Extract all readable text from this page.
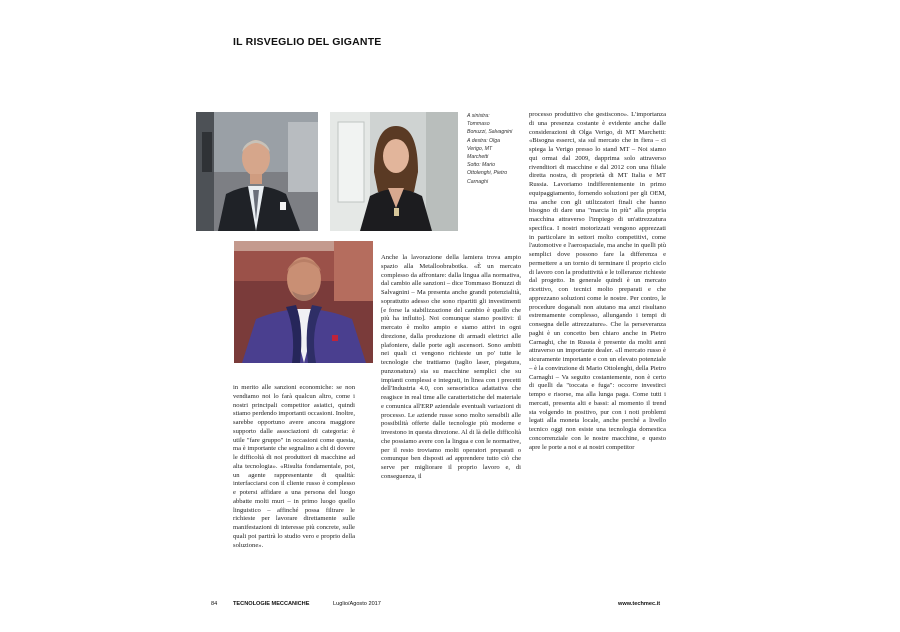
IL RISVEGLIO DEL GIGANTE
A sinistra:
Tommaso
Bonuzzi, Salvagnini
A destra: Olga
Verigo, MT
Marchetti
Sotto: Mario
Ottolenghi, Pietro
Carnaghi

in merito alle sanzioni economiche: se non vendiamo noi lo farà qualcun altro, come i nostri principali competitor asiatici, quindi stiamo perdendo importanti occasioni. Inoltre, sarebbe opportuno avere ancora maggiore supporto dalle associazioni di categoria: è utile "fare gruppo" in occasioni come questa, ma è importante che segnalino a chi di dovere le difficoltà di noi produttori di macchine ad alta tecnologia». «Risulta fondamentale, poi, un agente rappresentante di qualità: interfacciarsi con il cliente russo è complesso e potersi affidare a una persona del luogo abbatte molti muri – in primo luogo quello linguistico – affinché possa filtrare le richieste per lavorare direttamente sulle manifestazioni di interesse più concrete, sulle quali poi partirà lo studio vero e proprio della soluzione».

Anche la lavorazione della lamiera trova ampio spazio alla Metalloobrabotka. «È un mercato complesso da affrontare: dalla lingua alla normativa, dal cambio alle sanzioni – dice Tommaso Bonuzzi di Salvagnini – Ma presenta anche grandi potenzialità, soprattutto adesso che sono ripartiti gli investimenti [e forse la stabilizzazione del cambio è quello che più ha influito]. Noi comunque siamo positivi: il mercato è molto ampio e siamo attivi in ogni direzione, dalla produzione di armadi elettrici alle plafoniere, dalle porte agli ascensori. Sono ambiti nei quali ci vengono richieste un po' tutte le tecnologie che trattiamo (taglio laser, piegatura, punzonatura) sia su macchine semplici che su impianti complessi e integrati, in linea con i precetti dell'Industria 4.0, con sensoristica adattativa che reagisce in real time alle caratteristiche del materiale e comunica all'ERP aziendale eventuali variazioni di processo. Le aziende russe sono molto sensibili alle possibilità offerte dalle tecnologie più moderne e investono in questa direzione. Al di là delle difficoltà che possiamo avere con la lingua e con le normative, per il resto troviamo molti operatori preparati o comunque ben disposti ad apprendere tutto ciò che serve per migliorare il proprio lavoro e, di conseguenza, il

processo produttivo che gestiscono». L'importanza di una presenza costante è evidente anche dalle considerazioni di Olga Verigo, di MT Marchetti: «Bisogna esserci, sia sul mercato che in fiera – ci spiega la Verigo presso lo stand MT – Noi siamo qui ormai dal 2009, dapprima solo attraverso rivenditori di macchine e dal 2012 con una filiale diretta nostra, di proprietà di MT Italia e MT Russia. Lavoriamo indifferentemente in primo equipaggiamento, fornendo soluzioni per gli OEM, ma anche con gli utilizzatori finali che hanno bisogno di dare una "marcia in più" alla propria macchina attraverso l'impiego di un'attrezzatura specifica. I nostri motorizzati vengono apprezzati in particolare in settori molto competitivi, come l'automotive e l'aerospaziale, ma anche in quelli più semplici dove possono fare la differenza e permettere a un tornio di terminare il proprio ciclo di lavoro con la produttività e le tolleranze richieste dal progetto. In generale quindi è un mercato ricettivo, con tecnici molto preparati e che apprezzano soluzioni come le nostre. Per contro, le procedure doganali non aiutano ma anzi risultano estremamente complesso, allungando i tempi di consegna delle attrezzature». Che la perseveranza paghi è un concetto ben chiaro anche in Pietro Carnaghi, che in Russia è presente da molti anni attraverso un importante dealer. «Il mercato russo è sicuramente importante e con un elevato potenziale – è la convinzione di Mario Ottolenghi, della Pietro Carnaghi – Va seguito costantemente, non è certo di quelli da "toccata e fuga": occorre investirci tempo e risorse, ma alla lunga paga. Come tutti i mercati, presenta alti e bassi: al momento il trend sta volgendo in positivo, pur con i noti problemi legati alla moneta locale, anche perché a livello tecnico oggi non esiste una tecnologia domestica concorrenziale con le nostre macchine, e questo apre le porte a noi e ai nostri competitor

84	TECNOLOGIE MECCANICHE	Luglio/Agosto 2017	www.techmec.it
